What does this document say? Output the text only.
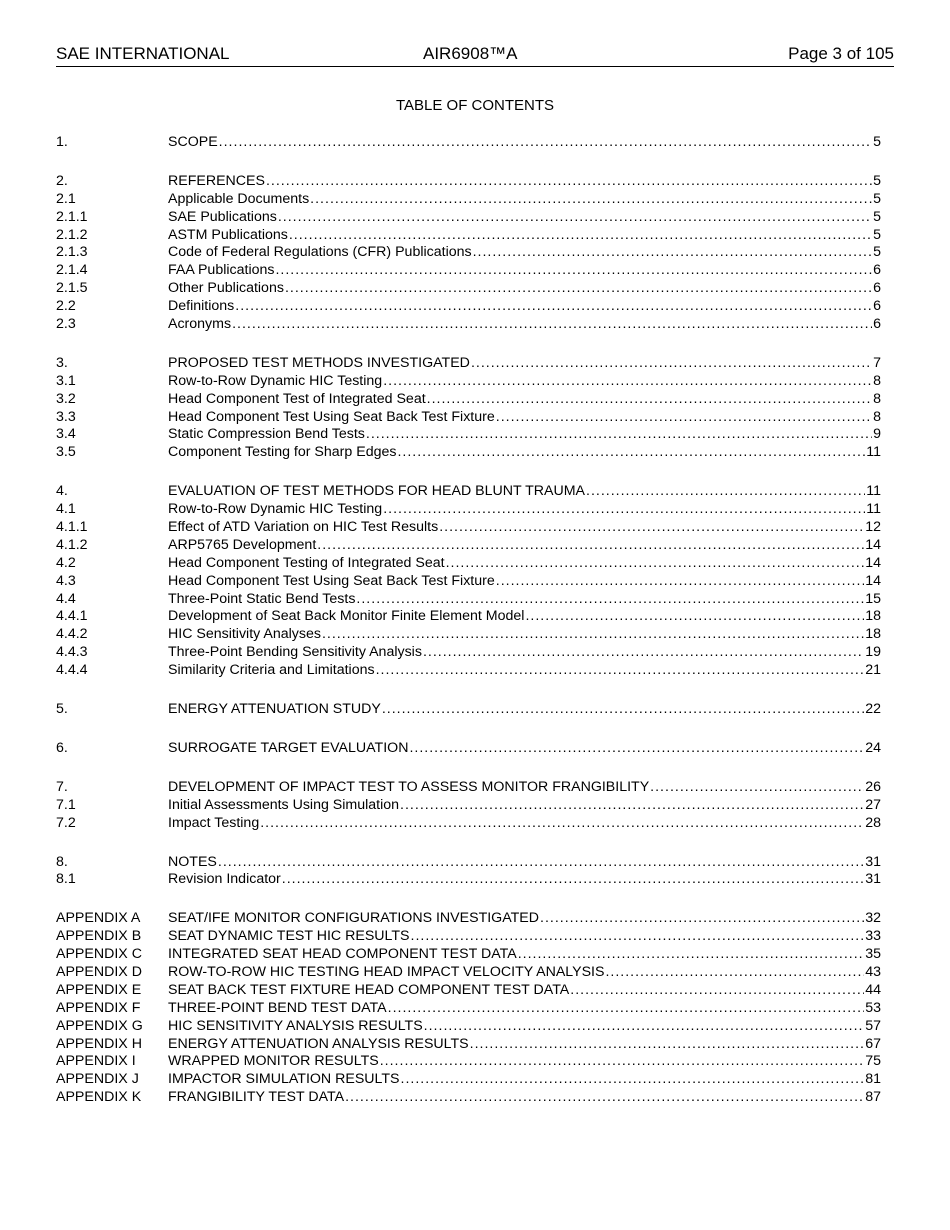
SAE INTERNATIONAL	AIR6908™A	Page 3 of 105
TABLE OF CONTENTS
1.	SCOPE .....	5
2.	REFERENCES .....	5
2.1	Applicable Documents .....	5
2.1.1	SAE Publications .....	5
2.1.2	ASTM Publications .....	5
2.1.3	Code of Federal Regulations (CFR) Publications .....	5
2.1.4	FAA Publications .....	6
2.1.5	Other Publications .....	6
2.2	Definitions .....	6
2.3	Acronyms .....	6
3.	PROPOSED TEST METHODS INVESTIGATED .....	7
3.1	Row-to-Row Dynamic HIC Testing .....	8
3.2	Head Component Test of Integrated Seat .....	8
3.3	Head Component Test Using Seat Back Test Fixture .....	8
3.4	Static Compression Bend Tests .....	9
3.5	Component Testing for Sharp Edges .....	11
4.	EVALUATION OF TEST METHODS FOR HEAD BLUNT TRAUMA .....	11
4.1	Row-to-Row Dynamic HIC Testing .....	11
4.1.1	Effect of ATD Variation on HIC Test Results .....	12
4.1.2	ARP5765 Development .....	14
4.2	Head Component Testing of Integrated Seat .....	14
4.3	Head Component Test Using Seat Back Test Fixture .....	14
4.4	Three-Point Static Bend Tests .....	15
4.4.1	Development of Seat Back Monitor Finite Element Model .....	18
4.4.2	HIC Sensitivity Analyses .....	18
4.4.3	Three-Point Bending Sensitivity Analysis .....	19
4.4.4	Similarity Criteria and Limitations .....	21
5.	ENERGY ATTENUATION STUDY .....	22
6.	SURROGATE TARGET EVALUATION .....	24
7.	DEVELOPMENT OF IMPACT TEST TO ASSESS MONITOR FRANGIBILITY .....	26
7.1	Initial Assessments Using Simulation .....	27
7.2	Impact Testing .....	28
8.	NOTES .....	31
8.1	Revision Indicator .....	31
APPENDIX A SEAT/IFE MONITOR CONFIGURATIONS INVESTIGATED .....	32
APPENDIX B SEAT DYNAMIC TEST HIC RESULTS .....	33
APPENDIX C INTEGRATED SEAT HEAD COMPONENT TEST DATA .....	35
APPENDIX D ROW-TO-ROW HIC TESTING HEAD IMPACT VELOCITY ANALYSIS .....	43
APPENDIX E SEAT BACK TEST FIXTURE HEAD COMPONENT TEST DATA .....	44
APPENDIX F THREE-POINT BEND TEST DATA .....	53
APPENDIX G HIC SENSITIVITY ANALYSIS RESULTS .....	57
APPENDIX H ENERGY ATTENUATION ANALYSIS RESULTS .....	67
APPENDIX I WRAPPED MONITOR RESULTS .....	75
APPENDIX J IMPACTOR SIMULATION RESULTS .....	81
APPENDIX K FRANGIBILITY TEST DATA .....	87
